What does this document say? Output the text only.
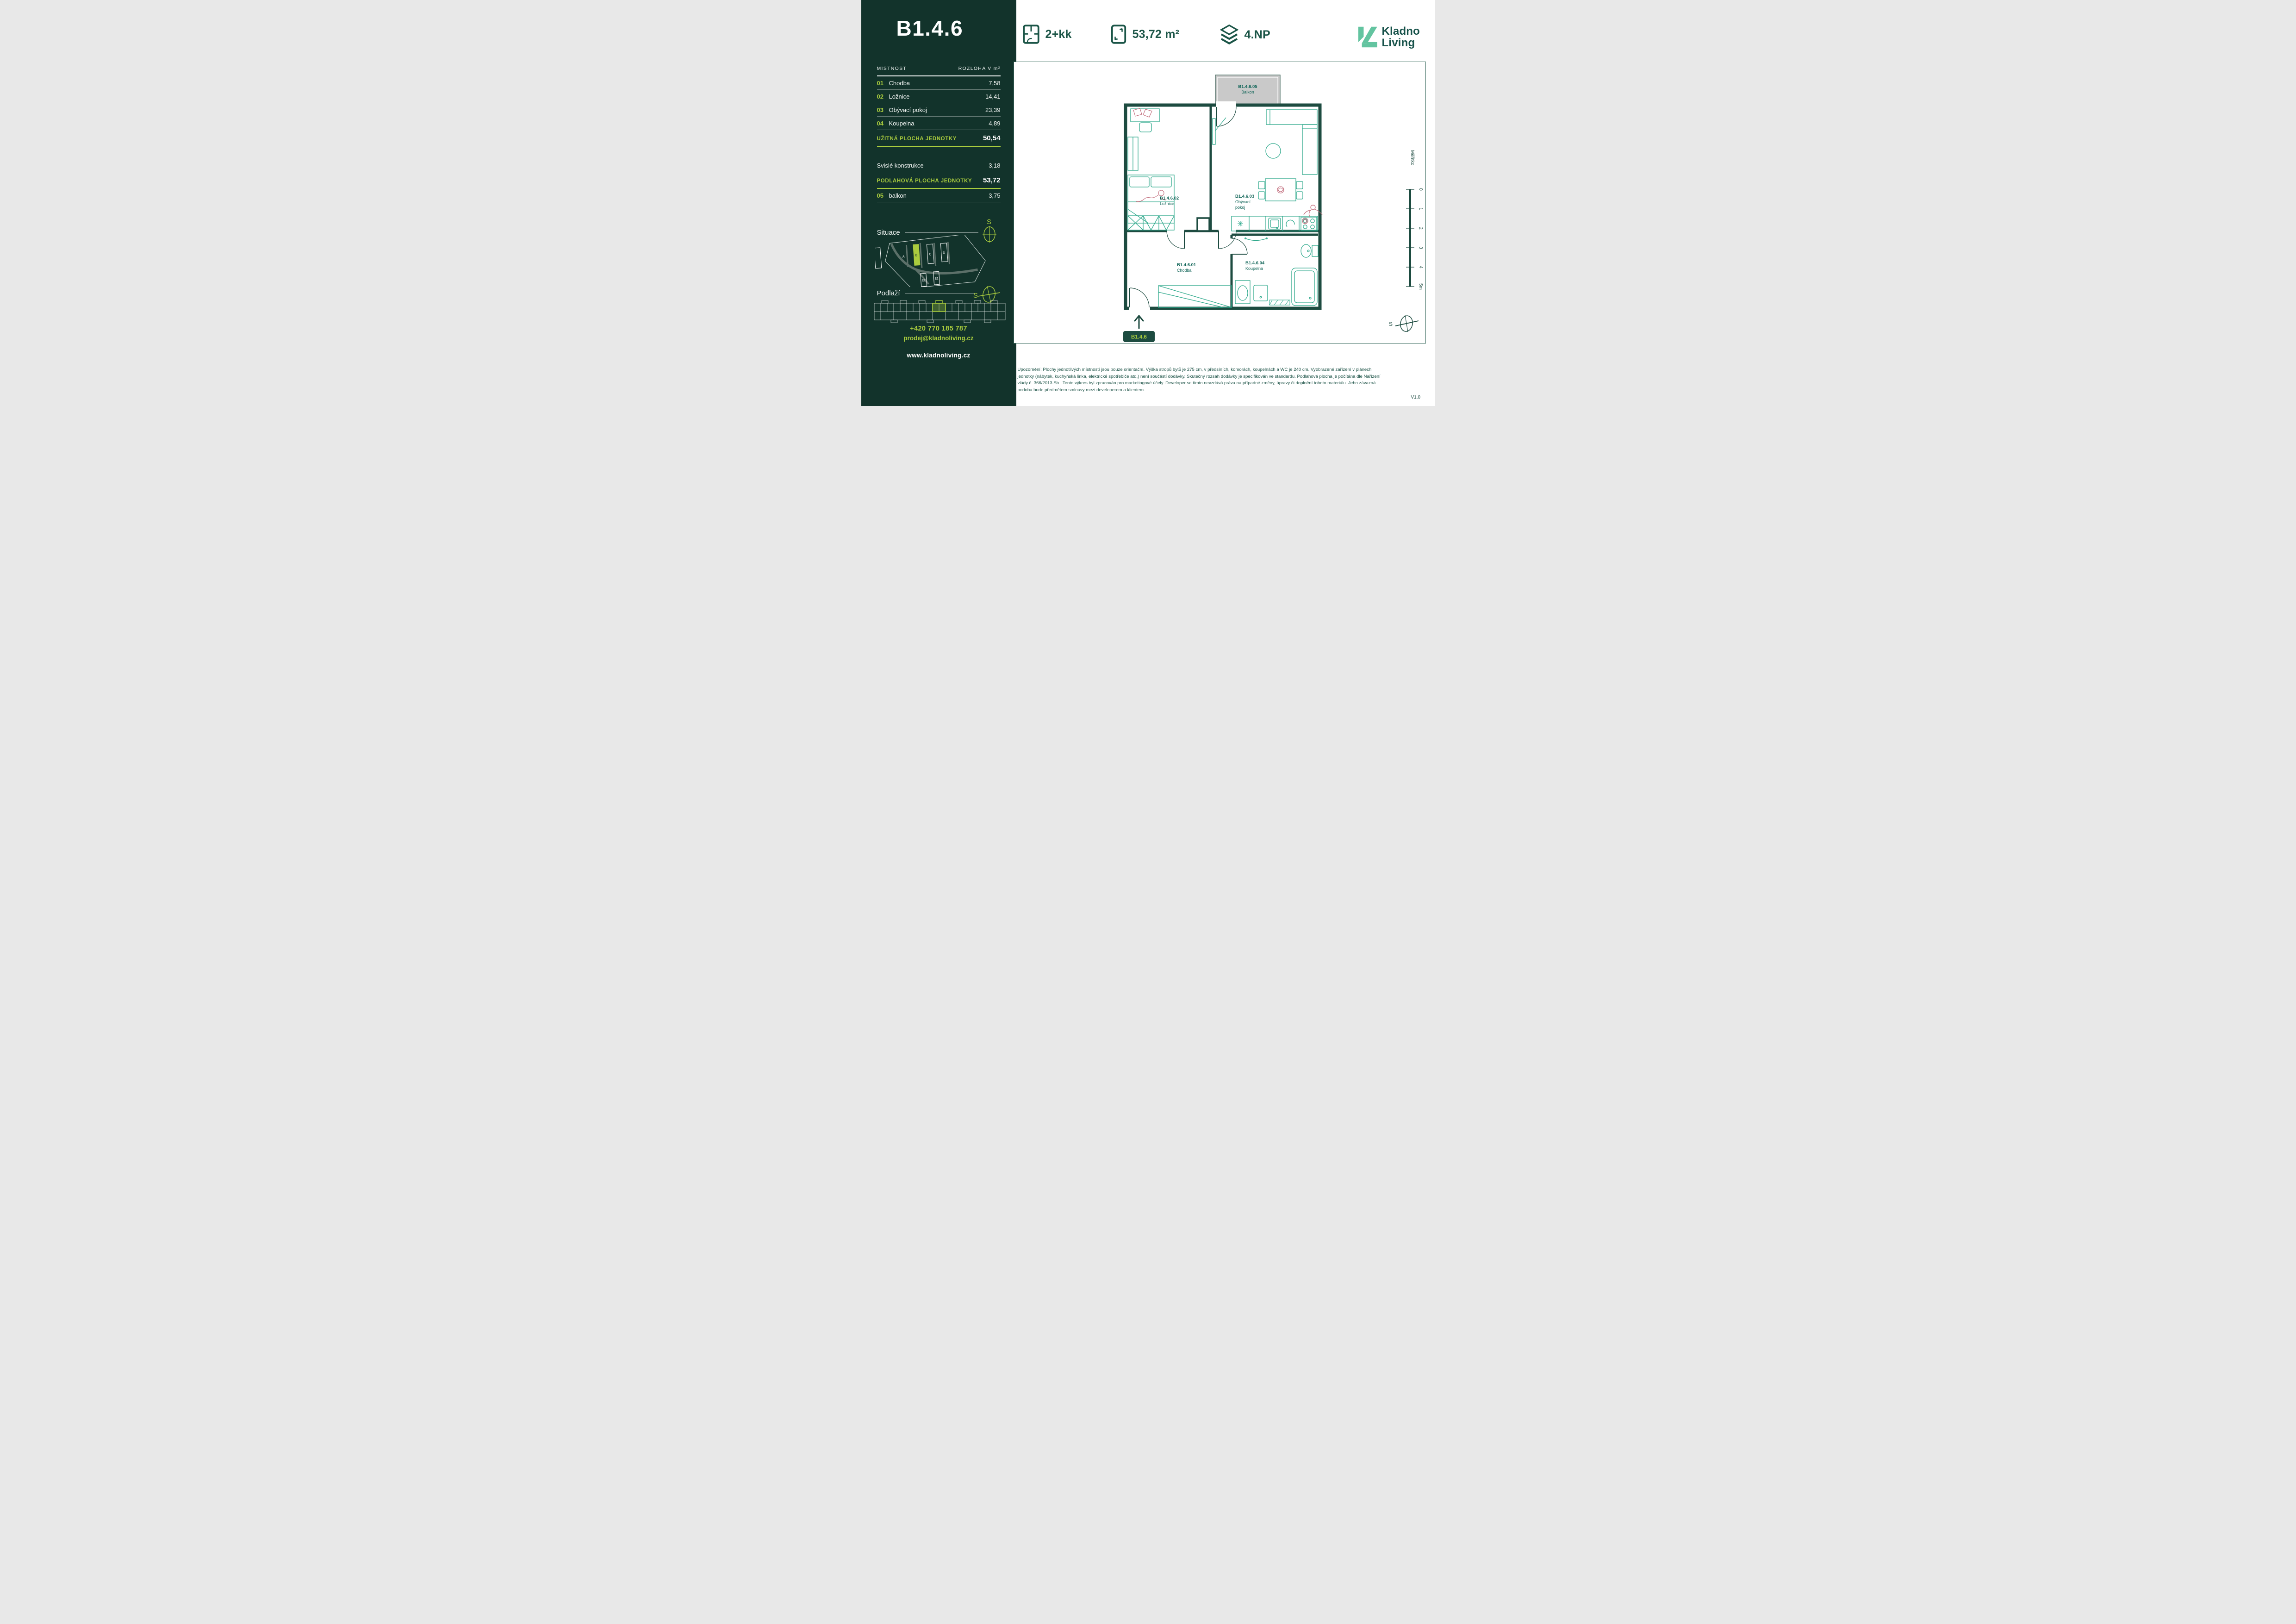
B1.4.6
MÍSTNOST	ROZLOHA V m²
01 Chodba	7,58
02 Ložnice	14,41
03 Obývací pokoj	23,39
04 Koupelna	4,89
UŽITNÁ PLOCHA JEDNOTKY	50,54
Svislé konstrukce	3,18
PODLAHOVÁ PLOCHA JEDNOTKY 53,72
05 balkon	3,75
Situace
S
A	B	C	D
E2
E1
Podlaží	S
+420 770 185 787
prodej@kladnoliving.cz
www.kladnoliving.cz
2+kk	53,72 m²	4.NP	Kladno
Living
B1.4.6.05
Balkon
B1.4.6.02
Ložnice
B1.4.6.03
Obývací
pokoj
B1.4.6.01
Chodba
B1.4.6.04
Koupelna
B1.4.6
Měřítko
0
1
2
3
4
5m
S
Upozornění: Plochy jednotlivých místností jsou pouze orientační. Výška stropů bytů je 275 cm, v předsíních, komorách, koupelnách a WC je 240 cm. Vyobrazené zařízení v plánech jednotky (nábytek, kuchyňská linka, elektrické spotřebiče atd.) není součástí dodávky. Skutečný rozsah dodávky je specifikován ve standardu. Podlahová plocha je počítána dle Nařízení vlády č. 366/2013 Sb.. Tento výkres byl zpracován pro marketingové účely. Developer se tímto nevzdává práva na případné změny, úpravy či doplnění tohoto materiálu. Jeho závazná podoba bude předmětem smlouvy mezi developerem a klientem.
V1.0
